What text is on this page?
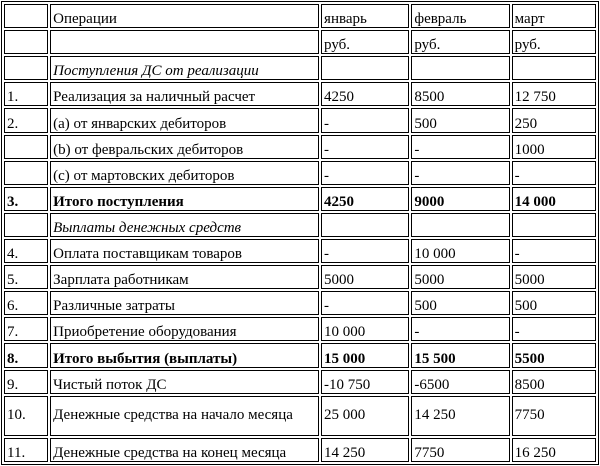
	Операции	январь	февраль	март
		руб.	руб.	руб.
	Поступления ДС от реализации			
1.	Реализация за наличный расчет	4250	8500	12 750
2.	(a) от январских дебиторов	-	500	250
	(b) от февральских дебиторов	-	-	1000
	(c) от мартовских дебиторов	-	-	-
3.	Итого поступления	4250	9000	14 000
	Выплаты денежных средств			
4.	Оплата поставщикам товаров	-	10 000	-
5.	Зарплата работникам	5000	5000	5000
6.	Различные затраты	-	500	500
7.	Приобретение оборудования	10 000	-	-
8.	Итого выбытия (выплаты)	15 000	15 500	5500
9.	Чистый поток ДС	-10 750	-6500	8500
10.	Денежные средства на начало месяца	25 000	14 250	7750
11.	Денежные средства на конец месяца	14 250	7750	16 250
